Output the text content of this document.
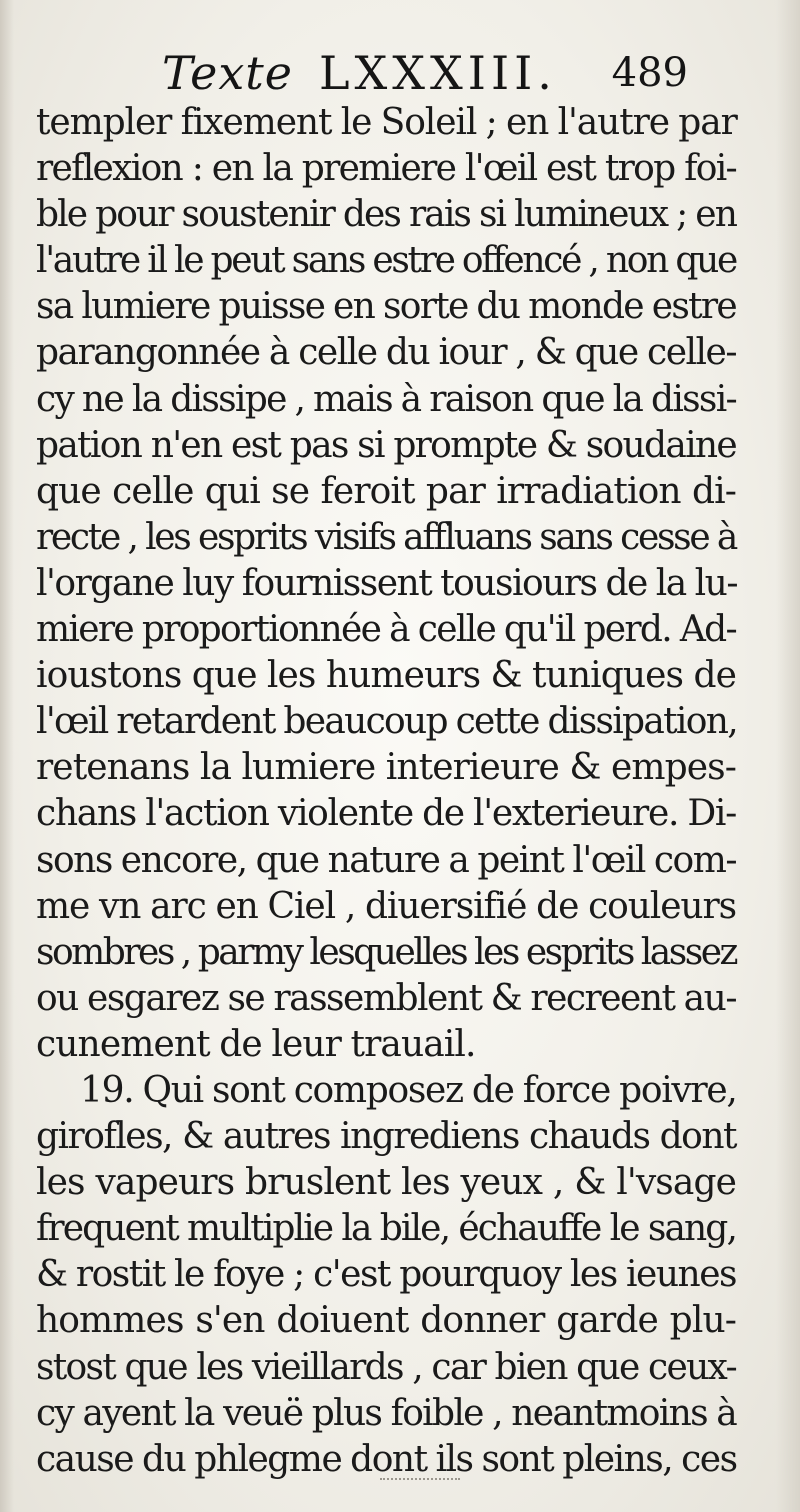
Texte LXXXIII. 489
templer fixement le Soleil ; en l'autre par
reflexion : en la premiere l'œil est trop foi-
ble pour soustenir des rais si lumineux ; en
l'autre il le peut sans estre offencé , non que
sa lumiere puisse en sorte du monde estre
parangonnée à celle du iour , & que celle-
cy ne la dissipe , mais à raison que la dissi-
pation n'en est pas si prompte & soudaine
que celle qui se feroit par irradiation di-
recte , les esprits visifs affluans sans cesse à
l'organe luy fournissent tousiours de la lu-
miere proportionnée à celle qu'il perd. Ad-
ioustons que les humeurs & tuniques de
l'œil retardent beaucoup cette dissipation,
retenans la lumiere interieure & empes-
chans l'action violente de l'exterieure. Di-
sons encore, que nature a peint l'œil com-
me vn arc en Ciel , diuersifié de couleurs
sombres , parmy lesquelles les esprits lassez
ou esgarez se rassemblent & recreent au-
cunement de leur trauail.
19. Qui sont composez de force poivre,
girofles, & autres ingrediens chauds dont
les vapeurs bruslent les yeux , & l'vsage
frequent multiplie la bile, échauffe le sang,
& rostit le foye ; c'est pourquoy les ieunes
hommes s'en doiuent donner garde plu-
stost que les vieillards , car bien que ceux-
cy ayent la veuë plus foible , neantmoins à
cause du phlegme dont ils sont pleins, ces
